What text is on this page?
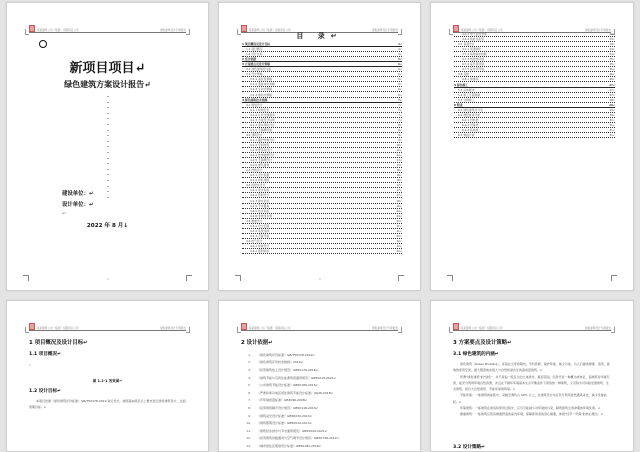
某某建筑公司（集团）有限责任公司	绿色建筑设计专项报告
新项目项目↵
绿色建筑方案设计报告↵
建设单位：↵
设计单位：↵
↵
2022 年 8 月↓
1
某某建筑公司（集团）有限责任公司	绿色建筑设计专项报告
目 录↵
1 项目概况及设计目标	4↵
1.1 项目概况	4↵
1.2 设计目标	4↵
2 设计依据	5↵
3 方案要点及设计策略	6↵
3.1 绿色建筑的内涵	6↵
3.2 设计策略	6↵
3.2.1 适宜性策略	6↵
3.2.2 低成本化策略	6↵
3.2.3 主动式策略	6↵
3.2.4 被动式策略	6↵
4 绿色建筑技术措施	7↵
4.1 规划设计	7↵
4.1.1 场地安全	7↵
4.1.2 公共交通服务	7↵
4.1.3 方案设计说明	7↵
4.1.4 停车场所设计	8↵
4.1.5 无障碍设施	8↵
4.2 建筑设计	9↵
4.2.1 围护结构设计	9↵
4.2.2 空间布局	10↵
4.2.3 舒适性设计	11↵
4.2.4 装饰装修设计	12↵
4.2.5 无障碍设计	13↵
4.2.6 绿色建材	15↵
4.3 结构设计	16↵
4.3.1 设计依据	16↵
4.3.2 材料选择	16↵
4.4 给排水设计	17↵
4.4.1 供水系统	17↵
4.4.2 管网设计	17↵
4.4.3 排水系统	18↵
4.4.4 节水器具	20↵
4.4.5 热水系统	20↵
4.4.6 非传统水源	20↵
4.5 暖通设计	21↵
4.5.1 设计范围	21↵
4.5.2 系统选择	21↵
4.5.3 设备节能	21↵
4.6 电气设计	22↵
4.6.1 供电设计	22↵
4.6.2 照明系统	22↵
1
某某建筑公司（集团）有限责任公司	绿色建筑设计专项报告
4.6.3 电气能耗管理	23↵
4.6.4 智能化系统	23↵
4.7 景观设计	24↵
4.7.1 景观绿化	24↵
4.7.2 场地雨水控制	24↵
4.7.3 场地热环境	25↵
4.7.4 室外风环境	25↵
4.7.5 室外声环境	25↵
4.8 其他	26↵
4.8.1 绿建项	26↵
5 绿色施工	27↵
5.1 总体要求	27↵
5.2 施工过程控制	27↵
5.3 文明施工	28↵
6 附录	29↵
6.1 绿色建筑评分表	29↵
6.2 增量成本分析	30↵
6.2.1 材料类	31↵
6.2.2 设备类	31↵
6.2.3 其他类	31↵
6.3 效益分析	31↵
某某建筑公司（集团）有限责任公司	绿色建筑设计专项报告
1 项目概况及设计目标↵
1.1 项目概况↵
↵
图 1.1-1 效果图↵
1.2 设计目标↵
本项目依据《绿色建筑评价标准》GB/T50378-2019 进行设计，按照基本级及以上要求进行绿色建筑设计，达到预期目标。↵
某某建筑公司（集团）有限责任公司	绿色建筑设计专项报告
2 设计依据↵
1.	《绿色建筑评价标准》GB/T50378-2019↵
2.	《绿色建筑评价技术细则》2019↵
3.	《民用建筑热工设计规范》GB50176-2016↵
4.	《建筑节能与可再生能源利用通用规范》GB55015-2021↵
5.	《公共建筑节能设计标准》GB50189-2015↵
6.	《严寒和寒冷地区居住建筑节能设计标准》JGJ26-2018↵
7.	《声环境质量标准》GB3096-2008↵
8.	《民用建筑隔声设计规范》GB50118-2010↵
9.	《建筑采光设计标准》GB50033-2013↵
10.	《建筑照明设计标准》GB50034-2013↵
11.	《建筑给水排水与节水通用规范》GB55020-2021↵
12.	《民用建筑供暖通风与空气调节设计规范》GB50736-2012↵
13.	《城市居住区规划设计标准》GB50180-2018↵
某某建筑公司（集团）有限责任公司	绿色建筑设计专项报告
3 方案要点及设计策略↵
3.1 绿色建筑的内涵↵

绿色建筑（Green Building），是指在全寿命期内，节约资源、保护环境、减少污染，为人们提供健康、适用、高效的使用空间，最大限度地实现人与自然和谐共生的高质量建筑。↵

所谓"绿色建筑"的"绿色"，并不是指一般意义的立体绿化、屋顶花园，而是代表一种概念或象征，指建筑对环境无害，能充分利用环境自然资源，并且在不破坏环境基本生态平衡条件下建造的一种建筑，又可称为可持续发展建筑、生态建筑、回归大自然建筑、节能环保建筑等。↵

节能环保：一栋建筑的能耗中，采暖空调约占 50% 以上，在建筑设计中应充分利用自然通风采光，减少设备能耗。↵

环保建筑：一栋建筑在建造和使用过程中，应尽可能减少对环境的污染，降低建筑全寿命期的环境负荷。↵

健康建筑：一栋建筑应营造健康舒适的室内环境，保障使用者的身心健康，体现"四节一环保"的核心理念。↵

3.2 设计策略↵
